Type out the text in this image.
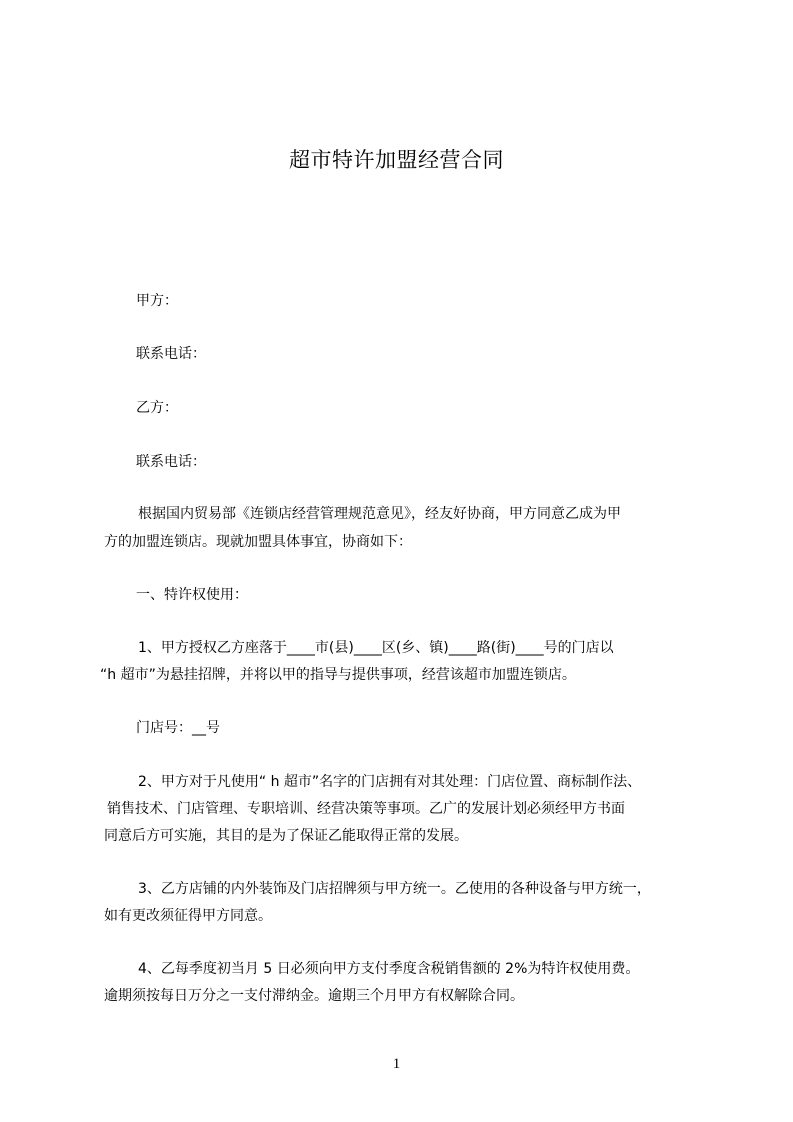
超市特许加盟经营合同
甲方：
联系电话：
乙方：
联系电话：
根据国内贸易部《连锁店经营管理规范意见》，经友好协商，甲方同意乙成为甲
方的加盟连锁店。现就加盟具体事宜，协商如下：
一、特许权使用：
1、甲方授权乙方座落于____市(县)____区(乡、镇)____路(街)____号的门店以
“h 超市”为悬挂招牌，并将以甲的指导与提供事项，经营该超市加盟连锁店。
门店号：__号
2、甲方对于凡使用“ h 超市”名字的门店拥有对其处理：门店位置、商标制作法、
销售技术、门店管理、专职培训、经营决策等事项。乙广的发展计划必须经甲方书面
同意后方可实施，其目的是为了保证乙能取得正常的发展。
3、乙方店铺的内外装饰及门店招牌须与甲方统一。乙使用的各种设备与甲方统一，
如有更改须征得甲方同意。
4、乙每季度初当月 5 日必须向甲方支付季度含税销售额的 2%为特许权使用费。
逾期须按每日万分之一支付滞纳金。逾期三个月甲方有权解除合同。
1
